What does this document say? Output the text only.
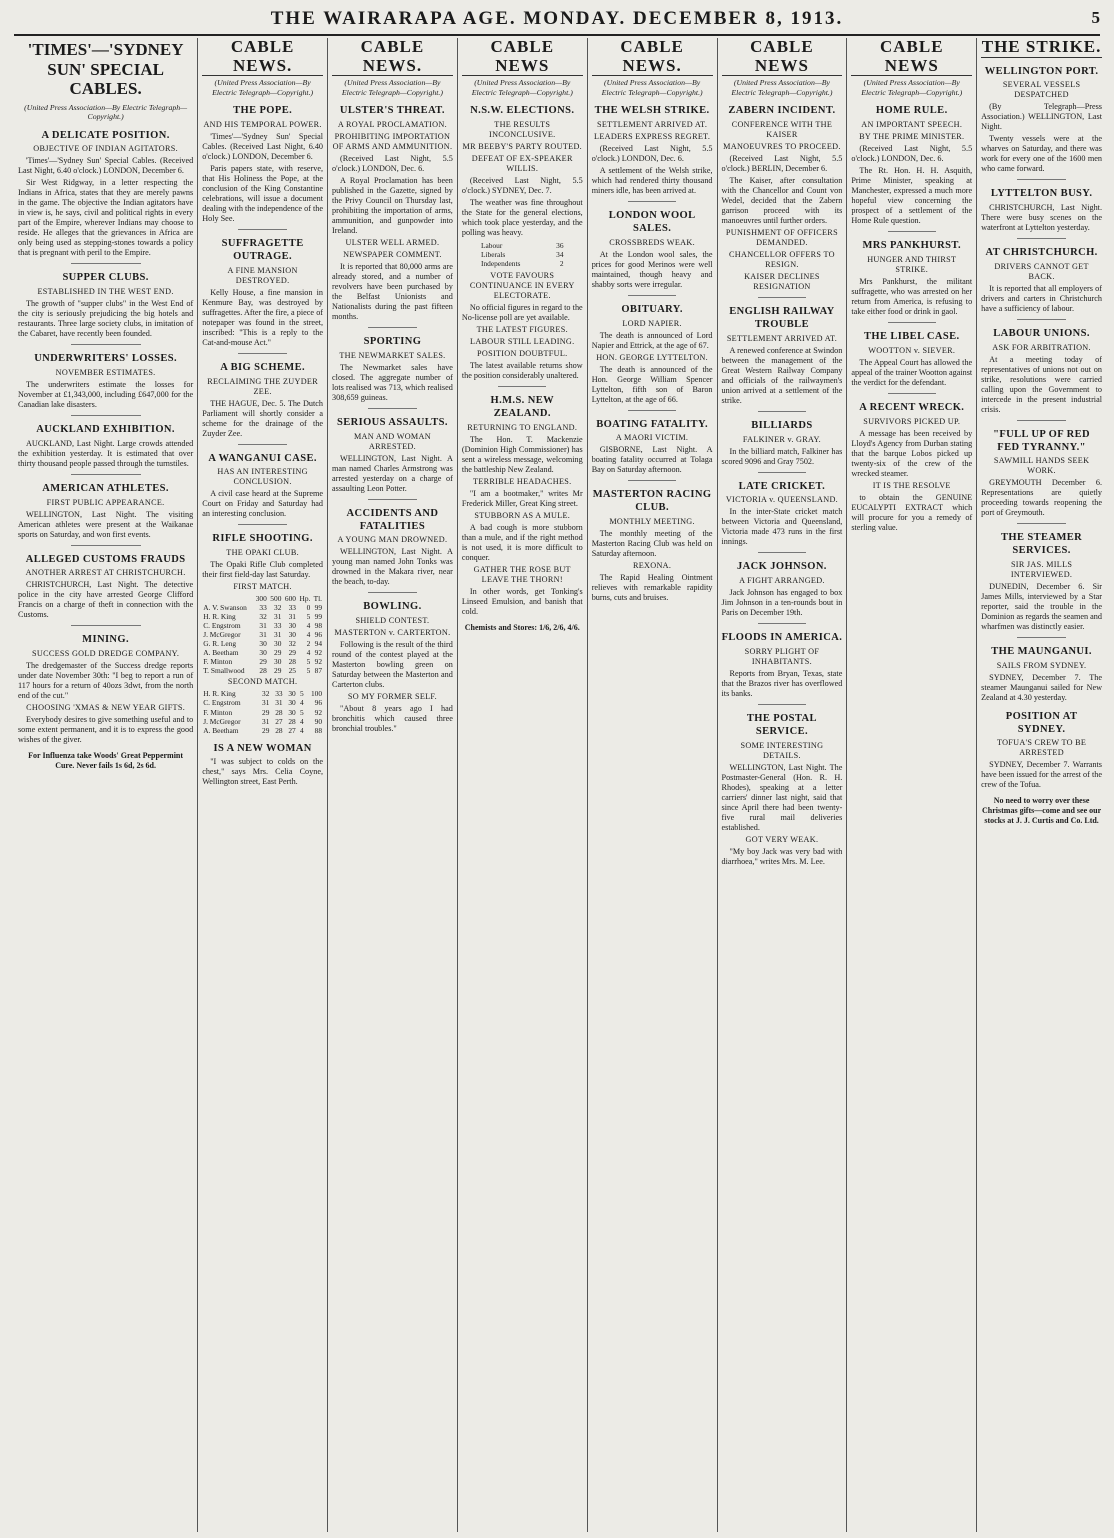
THE WAIRARAPA AGE. MONDAY. DECEMBER 8, 1913.	5
'TIMES'—'SYDNEY SUN' SPECIAL CABLES.
(United Press Association—By Electric Telegraph—Copyright.)
A DELICATE POSITION.
OBJECTIVE OF INDIAN AGITATORS.

'Times'—'Sydney Sun' Special Cables. (Received Last Night, 6.40 o'clock.) LONDON, December 6.

Sir West Ridgway, in a letter respecting the Indians in Africa, states that they are merely pawns in the game. The objective the Indian agitators have in view is, he says, civil and political rights in every part of the Empire, wherever Indians may choose to reside. He alleges that the grievances in Africa are only being used as stepping-stones towards a policy that is pregnant with peril to the Empire.

SUPPER CLUBS.
ESTABLISHED IN THE WEST END.

The growth of "supper clubs" in the West End of the city is seriously prejudicing the big hotels and restaurants. Three large society clubs, in imitation of the Cabaret, have recently been founded.

UNDERWRITERS' LOSSES.
NOVEMBER ESTIMATES.

The underwriters estimate the losses for November at £1,343,000, including £647,000 for the Canadian lake disasters.

AUCKLAND EXHIBITION.

AUCKLAND, Last Night. Large crowds attended the exhibition yesterday. It is estimated that over thirty thousand people passed through the turnstiles.

AMERICAN ATHLETES.
FIRST PUBLIC APPEARANCE.

WELLINGTON, Last Night. The visiting American athletes were present at the Waikanae sports on Saturday, and won first events.

ALLEGED CUSTOMS FRAUDS
ANOTHER ARREST AT CHRISTCHURCH.

CHRISTCHURCH, Last Night. The detective police in the city have arrested George Clifford Francis on a charge of theft in connection with the Customs.

MINING.
SUCCESS GOLD DREDGE COMPANY.

The dredgemaster of the Success dredge reports under date November 30th: "I beg to report a run of 117 hours for a return of 40ozs 3dwt, from the north end of the cut."

CHOOSING 'XMAS & NEW YEAR GIFTS.

Everybody desires to give something useful and to some extent permanent, and it is to express the good wishes of the giver.

For Influenza take Woods' Great Peppermint Cure. Never fails 1s 6d, 2s 6d.
CABLE NEWS.
(United Press Association—By Electric Telegraph—Copyright.)
THE POPE.
AND HIS TEMPORAL POWER.

'Times'—'Sydney Sun' Special Cables. (Received Last Night, 6.40 o'clock.) LONDON, December 6.

Paris papers state, with reserve, that His Holiness the Pope, at the conclusion of the King Constantine celebrations, will issue a document dealing with the independence of the Holy See.

SUFFRAGETTE OUTRAGE.
A FINE MANSION DESTROYED.

Kelly House, a fine mansion in Kenmure Bay, was destroyed by suffragettes. After the fire, a piece of notepaper was found in the street, inscribed: "This is a reply to the Cat-and-mouse Act."

A BIG SCHEME.
RECLAIMING THE ZUYDER ZEE.

THE HAGUE, Dec. 5. The Dutch Parliament will shortly consider a scheme for the drainage of the Zuyder Zee.

A WANGANUI CASE.
HAS AN INTERESTING CONCLUSION.

A civil case heard at the Supreme Court on Friday and Saturday had an interesting conclusion.

RIFLE SHOOTING.
THE OPAKI CLUB.

The Opaki Rifle Club completed their first field-day last Saturday.

FIRST MATCH.
	300	500	600	Hp.	Tl.
A. V. Swanson	33	32	33	0	99
H. R. King	32	31	31	5	99
C. Engstrom	31	33	30	4	98
J. McGregor	31	31	30	4	96
G. R. Leng	30	30	32	2	94
A. Beetham	30	29	29	4	92
F. Minton	29	30	28	5	92
T. Smallwood	28	29	25	5	87
SECOND MATCH.
H. R. King	32	33	30	5	100
C. Engstrom	31	31	30	4	96
F. Minton	29	28	30	5	92
J. McGregor	31	27	28	4	90
A. Beetham	29	28	27	4	88
IS A NEW WOMAN

"I was subject to colds on the chest," says Mrs. Celia Coyne, Wellington street, East Perth.

CABLE NEWS.
(United Press Association—By Electric Telegraph—Copyright.)
ULSTER'S THREAT.
A ROYAL PROCLAMATION.
PROHIBITING IMPORTATION OF ARMS AND AMMUNITION.

(Received Last Night, 5.5 o'clock.) LONDON, Dec. 6.

A Royal Proclamation has been published in the Gazette, signed by the Privy Council on Thursday last, prohibiting the importation of arms, ammunition, and gunpowder into Ireland.

ULSTER WELL ARMED.
NEWSPAPER COMMENT.

It is reported that 80,000 arms are already stored, and a number of revolvers have been purchased by the Belfast Unionists and Nationalists during the past fifteen months.

SPORTING
THE NEWMARKET SALES.

The Newmarket sales have closed. The aggregate number of lots realised was 713, which realised 308,659 guineas.

SERIOUS ASSAULTS.
MAN AND WOMAN ARRESTED.

WELLINGTON, Last Night. A man named Charles Armstrong was arrested yesterday on a charge of assaulting Leon Potter.

ACCIDENTS AND FATALITIES
A YOUNG MAN DROWNED.

WELLINGTON, Last Night. A young man named John Tonks was drowned in the Makara river, near the beach, to-day.

BOWLING.
SHIELD CONTEST.
MASTERTON v. CARTERTON.

Following is the result of the third round of the contest played at the Masterton bowling green on Saturday between the Masterton and Carterton clubs.

SO MY FORMER SELF.

"About 8 years ago I had bronchitis which caused three bronchial troubles."

CABLE NEWS
(United Press Association—By Electric Telegraph—Copyright.)
N.S.W. ELECTIONS.
THE RESULTS INCONCLUSIVE.
MR BEEBY'S PARTY ROUTED.
DEFEAT OF EX-SPEAKER WILLIS.

(Received Last Night, 5.5 o'clock.) SYDNEY, Dec. 7.

The weather was fine throughout the State for the general elections, which took place yesterday, and the polling was heavy.

Labour	36
Liberals	34
Independents	2
VOTE FAVOURS CONTINUANCE IN EVERY ELECTORATE.

No official figures in regard to the No-license poll are yet available.

THE LATEST FIGURES.
LABOUR STILL LEADING.
POSITION DOUBTFUL.

The latest available returns show the position considerably unaltered.

H.M.S. NEW ZEALAND.
RETURNING TO ENGLAND.

The Hon. T. Mackenzie (Dominion High Commissioner) has sent a wireless message, welcoming the battleship New Zealand.

TERRIBLE HEADACHES.

"I am a bootmaker," writes Mr Frederick Miller, Great King street.

STUBBORN AS A MULE.

A bad cough is more stubborn than a mule, and if the right method is not used, it is more difficult to conquer.

GATHER THE ROSE BUT LEAVE THE THORN!

In other words, get Tonking's Linseed Emulsion, and banish that cold.

Chemists and Stores: 1/6, 2/6, 4/6.
CABLE NEWS.
(United Press Association—By Electric Telegraph—Copyright.)
THE WELSH STRIKE.
SETTLEMENT ARRIVED AT.
LEADERS EXPRESS REGRET.

(Received Last Night, 5.5 o'clock.) LONDON, Dec. 6.

A settlement of the Welsh strike, which had rendered thirty thousand miners idle, has been arrived at.

LONDON WOOL SALES.
CROSSBREDS WEAK.

At the London wool sales, the prices for good Merinos were well maintained, though heavy and shabby sorts were irregular.

OBITUARY.
LORD NAPIER.

The death is announced of Lord Napier and Ettrick, at the age of 67.

HON. GEORGE LYTTELTON.

The death is announced of the Hon. George William Spencer Lyttelton, fifth son of Baron Lyttelton, at the age of 66.

BOATING FATALITY.
A MAORI VICTIM.

GISBORNE, Last Night. A boating fatality occurred at Tolaga Bay on Saturday afternoon.

MASTERTON RACING CLUB.
MONTHLY MEETING.

The monthly meeting of the Masterton Racing Club was held on Saturday afternoon.

REXONA.

The Rapid Healing Ointment relieves with remarkable rapidity burns, cuts and bruises.

CABLE NEWS
(United Press Association—By Electric Telegraph—Copyright.)
ZABERN INCIDENT.
CONFERENCE WITH THE KAISER
MANOEUVRES TO PROCEED.

(Received Last Night, 5.5 o'clock.) BERLIN, December 6.

The Kaiser, after consultation with the Chancellor and Count von Wedel, decided that the Zabern garrison proceed with its manoeuvres until further orders.

PUNISHMENT OF OFFICERS DEMANDED.
CHANCELLOR OFFERS TO RESIGN.
KAISER DECLINES RESIGNATION
ENGLISH RAILWAY TROUBLE
SETTLEMENT ARRIVED AT.

A renewed conference at Swindon between the management of the Great Western Railway Company and officials of the railwaymen's union arrived at a settlement of the strike.

BILLIARDS
FALKINER v. GRAY.

In the billiard match, Falkiner has scored 9096 and Gray 7502.

LATE CRICKET.
VICTORIA v. QUEENSLAND.

In the inter-State cricket match between Victoria and Queensland, Victoria made 473 runs in the first innings.

JACK JOHNSON.
A FIGHT ARRANGED.

Jack Johnson has engaged to box Jim Johnson in a ten-rounds bout in Paris on December 19th.

FLOODS IN AMERICA.
SORRY PLIGHT OF INHABITANTS.

Reports from Bryan, Texas, state that the Brazos river has overflowed its banks.

THE POSTAL SERVICE.
SOME INTERESTING DETAILS.

WELLINGTON, Last Night. The Postmaster-General (Hon. R. H. Rhodes), speaking at a letter carriers' dinner last night, said that since April there had been twenty-five rural mail deliveries established.

GOT VERY WEAK.

"My boy Jack was very bad with diarrhoea," writes Mrs. M. Lee.

CABLE NEWS
(United Press Association—By Electric Telegraph—Copyright.)
HOME RULE.
AN IMPORTANT SPEECH.
BY THE PRIME MINISTER.

(Received Last Night, 5.5 o'clock.) LONDON, Dec. 6.

The Rt. Hon. H. H. Asquith, Prime Minister, speaking at Manchester, expressed a much more hopeful view concerning the prospect of a settlement of the Home Rule question.

MRS PANKHURST.
HUNGER AND THIRST STRIKE.

Mrs Pankhurst, the militant suffragette, who was arrested on her return from America, is refusing to take either food or drink in gaol.

THE LIBEL CASE.
WOOTTON v. SIEVER.

The Appeal Court has allowed the appeal of the trainer Wootton against the verdict for the defendant.

A RECENT WRECK.
SURVIVORS PICKED UP.

A message has been received by Lloyd's Agency from Durban stating that the barque Lobos picked up twenty-six of the crew of the wrecked steamer.

IT IS THE RESOLVE

to obtain the GENUINE EUCALYPTI EXTRACT which will procure for you a remedy of sterling value.

THE STRIKE.
WELLINGTON PORT.
SEVERAL VESSELS DESPATCHED

(By Telegraph—Press Association.) WELLINGTON, Last Night.

Twenty vessels were at the wharves on Saturday, and there was work for every one of the 1600 men who came forward.

LYTTELTON BUSY.

CHRISTCHURCH, Last Night. There were busy scenes on the waterfront at Lyttelton yesterday.

AT CHRISTCHURCH.
DRIVERS CANNOT GET BACK.

It is reported that all employers of drivers and carters in Christchurch have a sufficiency of labour.

LABOUR UNIONS.
ASK FOR ARBITRATION.

At a meeting today of representatives of unions not out on strike, resolutions were carried calling upon the Government to intercede in the present industrial crisis.

"FULL UP OF RED FED TYRANNY."
SAWMILL HANDS SEEK WORK.

GREYMOUTH December 6. Representations are quietly proceeding towards reopening the port of Greymouth.

THE STEAMER SERVICES.
SIR JAS. MILLS INTERVIEWED.

DUNEDIN, December 6. Sir James Mills, interviewed by a Star reporter, said the trouble in the Dominion as regards the seamen and wharfmen was distinctly easier.

THE MAUNGANUI.
SAILS FROM SYDNEY.

SYDNEY, December 7. The steamer Maunganui sailed for New Zealand at 4.30 yesterday.

POSITION AT SYDNEY.
TOFUA'S CREW TO BE ARRESTED

SYDNEY, December 7. Warrants have been issued for the arrest of the crew of the Tofua.

No need to worry over these Christmas gifts—come and see our stocks at J. J. Curtis and Co. Ltd.
